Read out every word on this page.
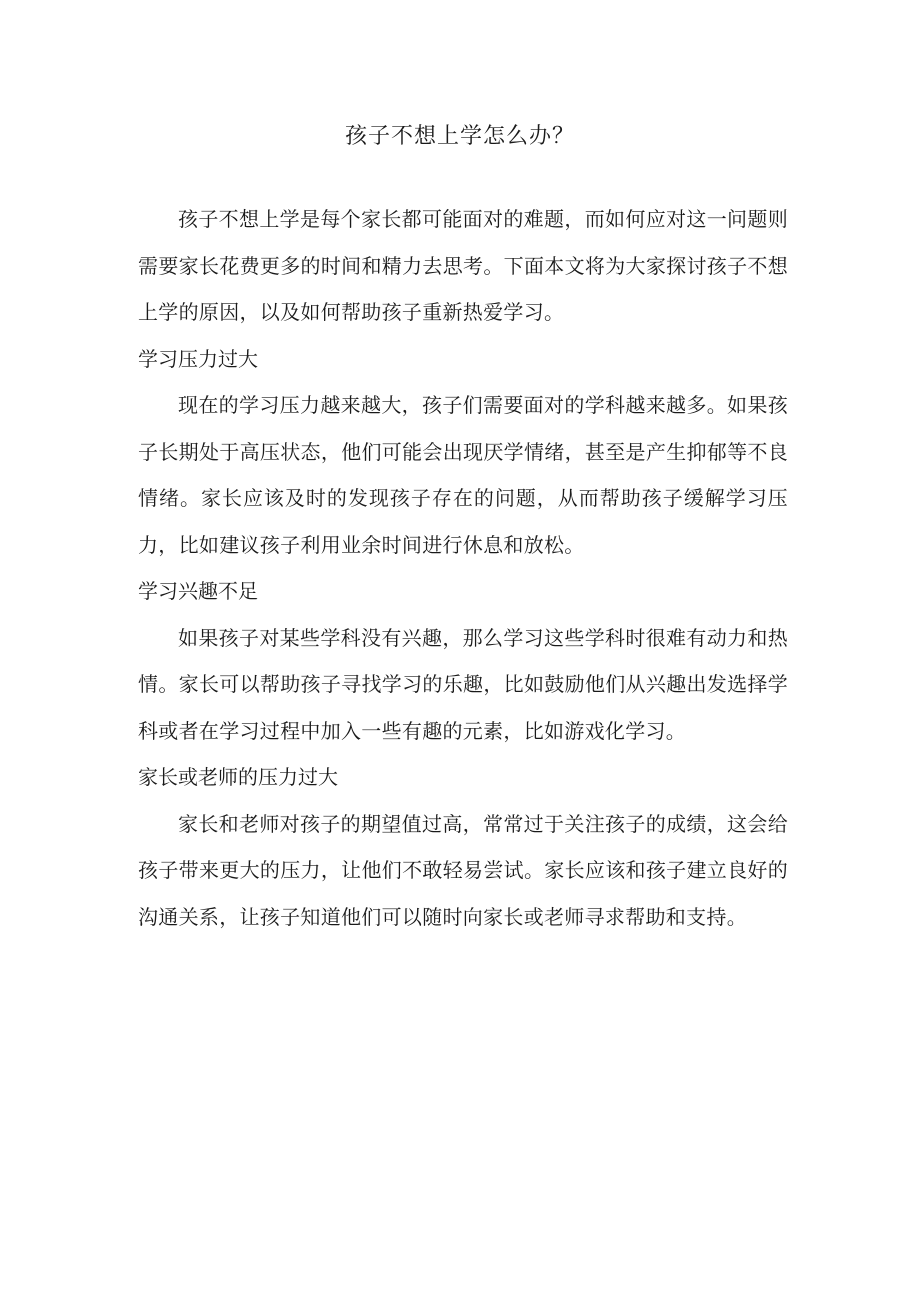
孩子不想上学怎么办？

孩子不想上学是每个家长都可能面对的难题，而如何应对这一问题则需要家长花费更多的时间和精力去思考。下面本文将为大家探讨孩子不想上学的原因，以及如何帮助孩子重新热爱学习。

学习压力过大

现在的学习压力越来越大，孩子们需要面对的学科越来越多。如果孩子长期处于高压状态，他们可能会出现厌学情绪，甚至是产生抑郁等不良情绪。家长应该及时的发现孩子存在的问题，从而帮助孩子缓解学习压力，比如建议孩子利用业余时间进行休息和放松。

学习兴趣不足

如果孩子对某些学科没有兴趣，那么学习这些学科时很难有动力和热情。家长可以帮助孩子寻找学习的乐趣，比如鼓励他们从兴趣出发选择学科或者在学习过程中加入一些有趣的元素，比如游戏化学习。

家长或老师的压力过大

家长和老师对孩子的期望值过高，常常过于关注孩子的成绩，这会给孩子带来更大的压力，让他们不敢轻易尝试。家长应该和孩子建立良好的沟通关系，让孩子知道他们可以随时向家长或老师寻求帮助和支持。
